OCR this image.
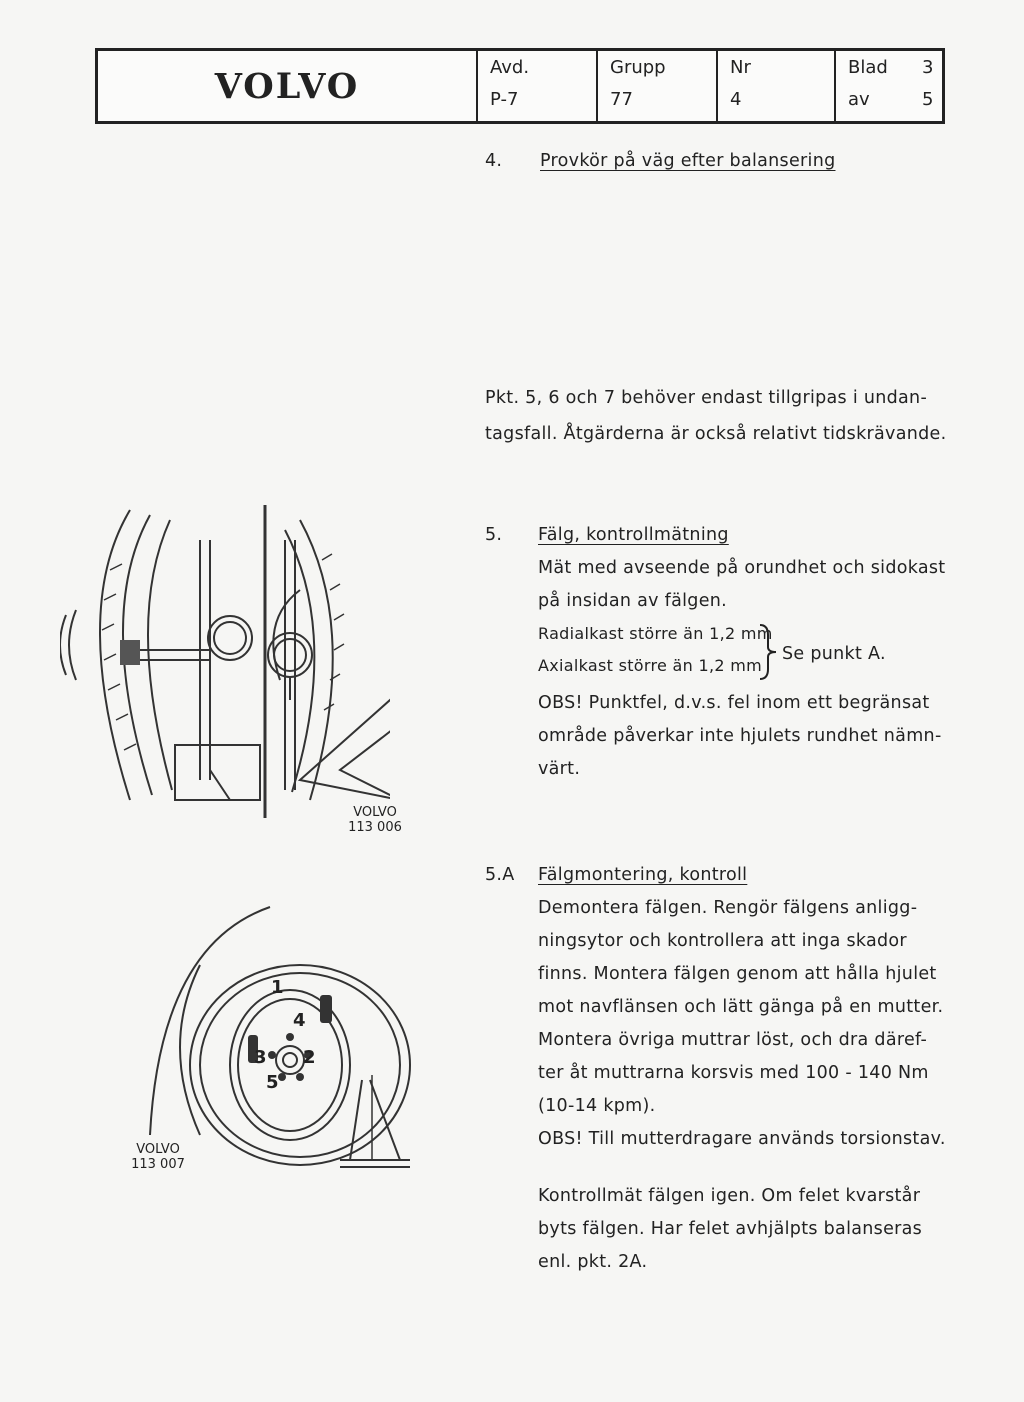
VOLVO	Avd.
P-7
Grupp
77
Nr
4
Blad 3
av	5
4. Provkör på väg efter balansering
Pkt. 5, 6 och 7 behöver endast tillgripas i undan-
tagsfall. Åtgärderna är också relativt tidskrävande.
5. Fälg, kontrollmätning
Mät med avseende på orundhet och sidokast
på insidan av fälgen.
Radialkast större än 1,2 mm
Axialkast större än 1,2 mm
Se punkt A.
OBS! Punktfel, d.v.s. fel inom ett begränsat
område påverkar inte hjulets rundhet nämn-
värt.
VOLVO
113 006
5.A Fälgmontering, kontroll
Demontera fälgen. Rengör fälgens anligg-
ningsytor och kontrollera att inga skador
finns. Montera fälgen genom att hålla hjulet
mot navflänsen och lätt gänga på en mutter.
Montera övriga muttrar löst, och dra däref-
ter åt muttrarna korsvis med 100 - 140 Nm
(10-14 kpm).
OBS! Till mutterdragare används torsionstav.
Kontrollmät fälgen igen. Om felet kvarstår
byts fälgen. Har felet avhjälpts balanseras
enl. pkt. 2A.
1
2
3
4
5
VOLVO
113 007
